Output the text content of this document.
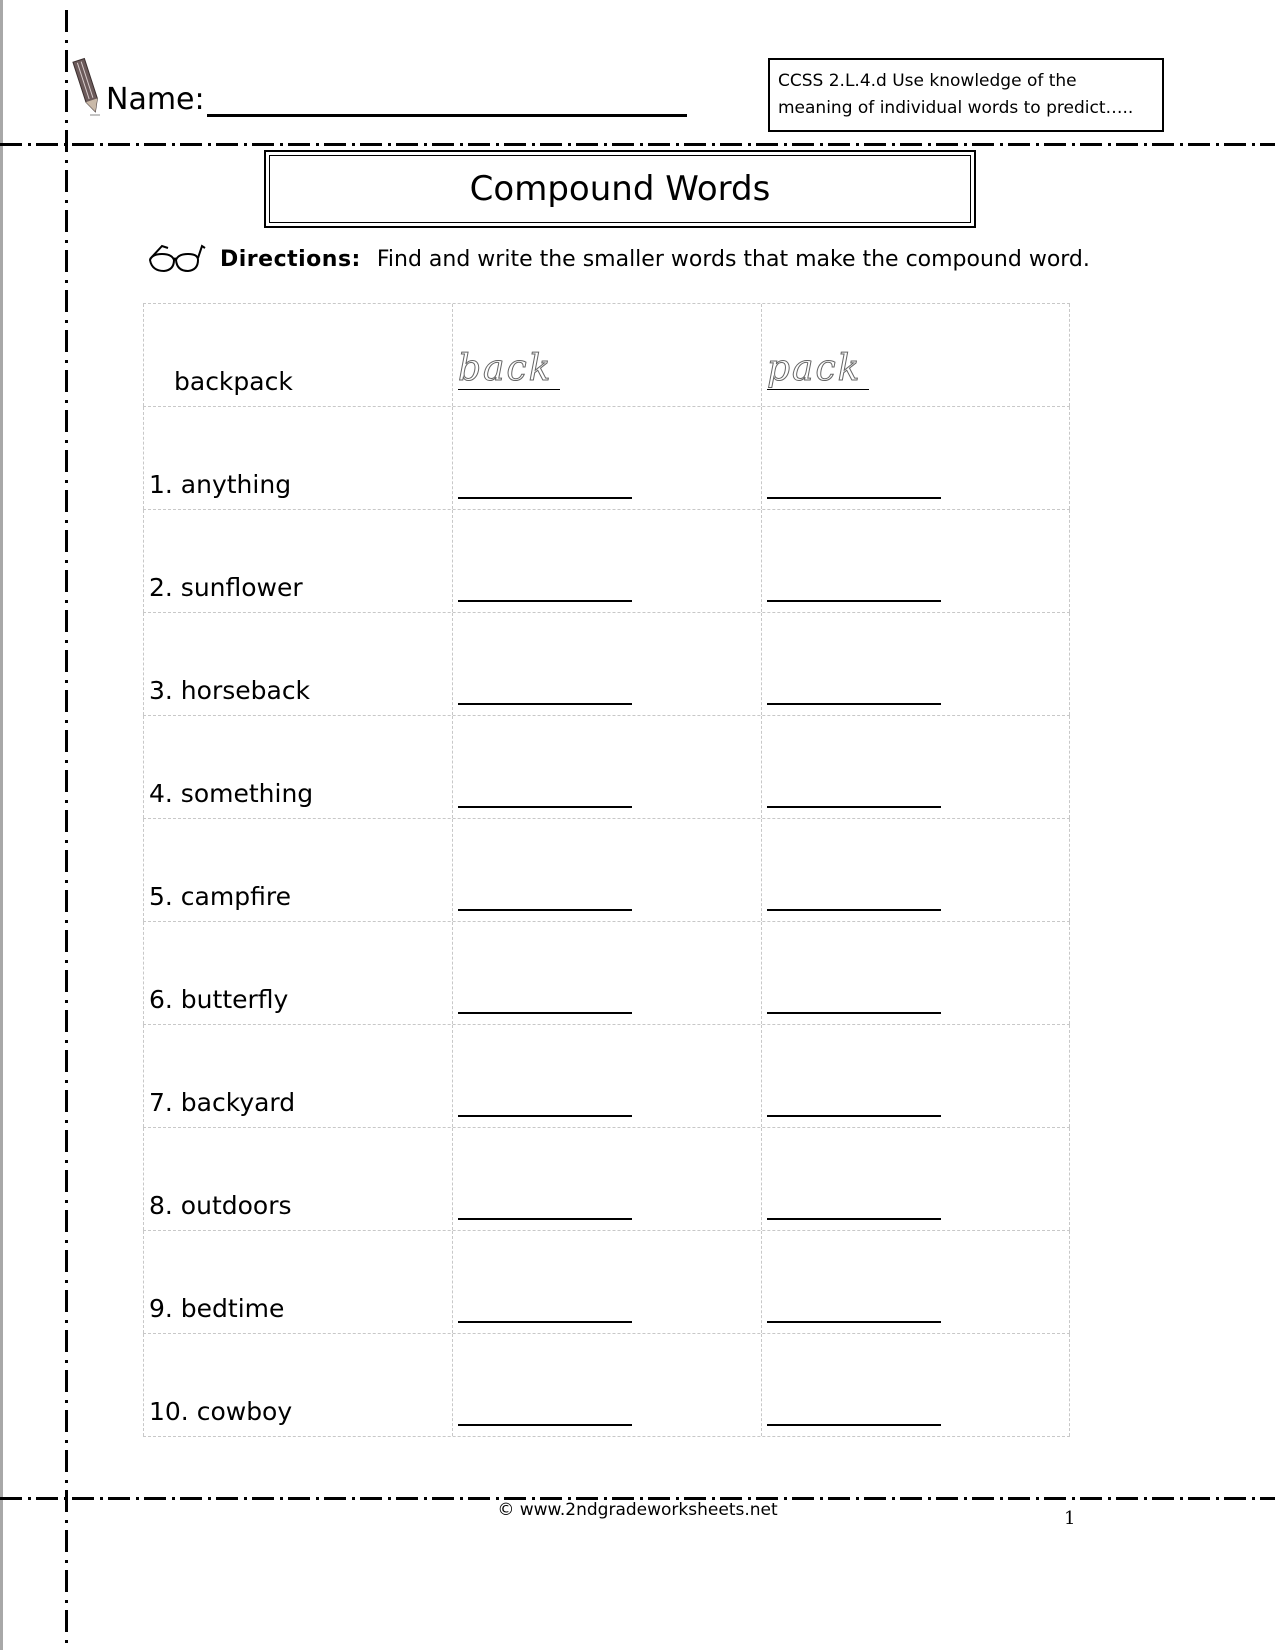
Name:
CCSS 2.L.4.d Use knowledge of the
meaning of individual words to predict…..
Compound Words
Directions: Find and write the smaller words that make the compound word.
backpack	back	pack
1. anything
2. sunflower
3. horseback
4. something
5. campfire
6. butterfly
7. backyard
8. outdoors
9. bedtime
10. cowboy
© www.2ndgradeworksheets.net	1
